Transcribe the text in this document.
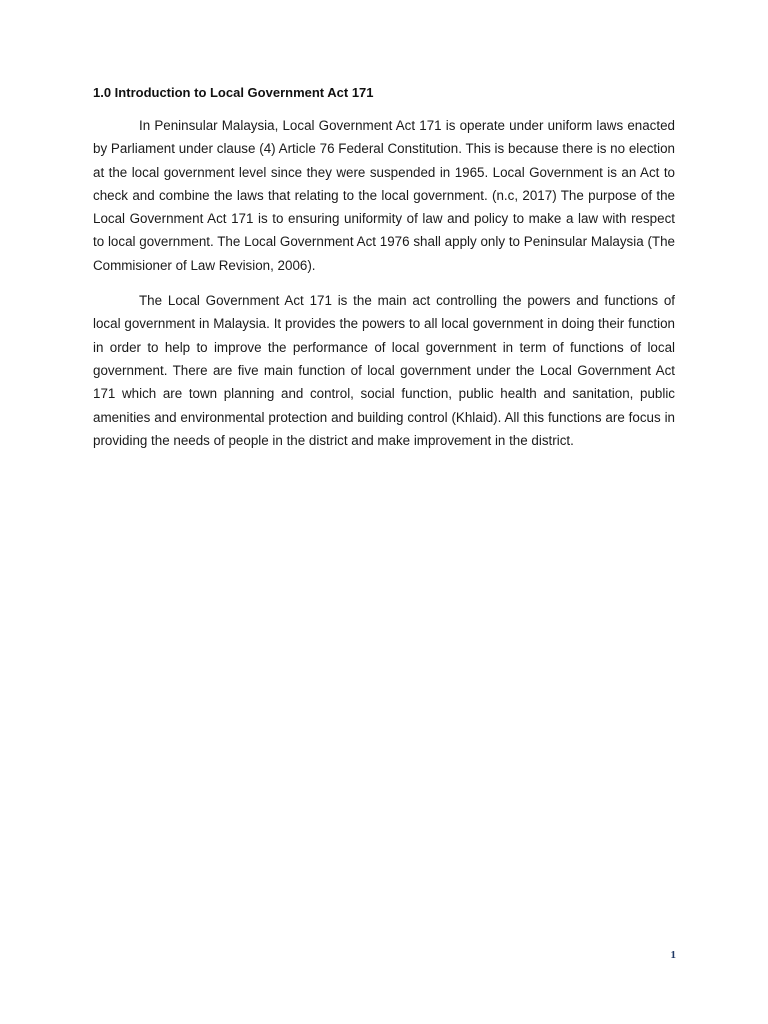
1.0 Introduction to Local Government Act 171

In Peninsular Malaysia, Local Government Act 171 is operate under uniform laws enacted by Parliament under clause (4) Article 76 Federal Constitution. This is because there is no election at the local government level since they were suspended in 1965. Local Government is an Act to check and combine the laws that relating to the local government. (n.c, 2017) The purpose of the Local Government Act 171 is to ensuring uniformity of law and policy to make a law with respect to local government. The Local Government Act 1976 shall apply only to Peninsular Malaysia (The Commisioner of Law Revision, 2006).

The Local Government Act 171 is the main act controlling the powers and functions of local government in Malaysia. It provides the powers to all local government in doing their function in order to help to improve the performance of local government in term of functions of local government. There are five main function of local government under the Local Government Act 171 which are town planning and control, social function, public health and sanitation, public amenities and environmental protection and building control (Khlaid). All this functions are focus in providing the needs of people in the district and make improvement in the district.

1
